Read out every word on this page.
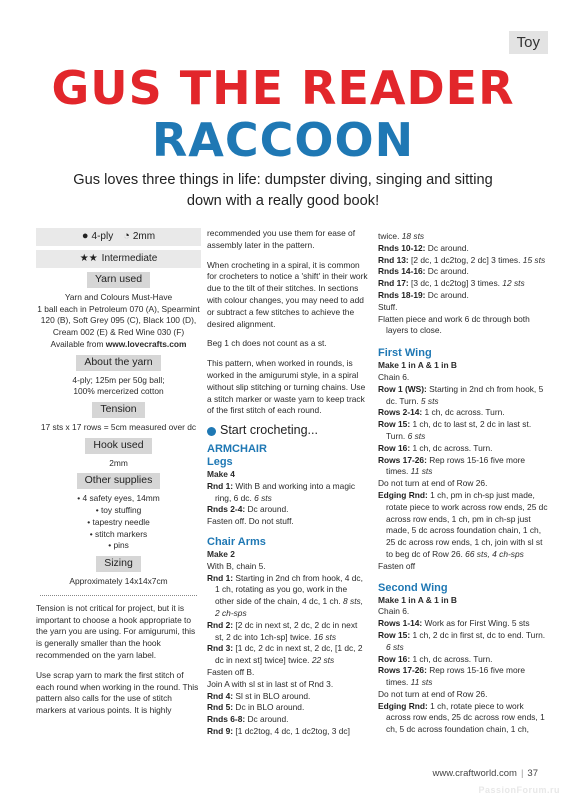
Toy
GUS THE READER
RACCOON
Gus loves three things in life: dumpster diving, singing and sitting down with a really good book!
● 4-ply ◔ 2mm
★★ Intermediate
Yarn used

Yarn and Colours Must-Have

1 ball each in Petroleum 070 (A), Spearmint

120 (B), Soft Grey 095 (C), Black 100 (D),

Cream 002 (E) & Red Wine 030 (F)

Available from www.lovecrafts.com

About the yarn

4-ply; 125m per 50g ball;

100% mercerized cotton

Tension

17 sts x 17 rows = 5cm measured over dc

Hook used

2mm

Other supplies

• 4 safety eyes, 14mm

• toy stuffing

• tapestry needle

• stitch markers

• pins

Sizing

Approximately 14x14x7cm

Tension is not critical for project, but it is important to choose a hook appropriate to the yarn you are using. For amigurumi, this is generally smaller than the hook recommended on the yarn label.

Use scrap yarn to mark the first stitch of each round when working in the round. This pattern also calls for the use of stitch markers at various points. It is highly

recommended you use them for ease of assembly later in the pattern.

When crocheting in a spiral, it is common for crocheters to notice a 'shift' in their work due to the tilt of their stitches. In sections with colour changes, you may need to add or subtract a few stitches to achieve the desired alignment.

Beg 1 ch does not count as a st.

This pattern, when worked in rounds, is worked in the amigurumi style, in a spiral without slip stitching or turning chains. Use a stitch marker or waste yarn to keep track of the first stitch of each round.

Start crocheting...
ARMCHAIR
Legs
Make 4

Rnd 1: With B and working into a magic ring, 6 dc. 6 sts

Rnds 2-4: Dc around.

Fasten off. Do not stuff.

Chair Arms
Make 2

With B, chain 5.

Rnd 1: Starting in 2nd ch from hook, 4 dc, 1 ch, rotating as you go, work in the other side of the chain, 4 dc, 1 ch. 8 sts, 2 ch-sps

Rnd 2: [2 dc in next st, 2 dc, 2 dc in next st, 2 dc into 1ch-sp] twice. 16 sts

Rnd 3: [1 dc, 2 dc in next st, 2 dc, [1 dc, 2 dc in next st] twice] twice. 22 sts

Fasten off B.

Join A with sl st in last st of Rnd 3.

Rnd 4: Sl st in BLO around.

Rnd 5: Dc in BLO around.

Rnds 6-8: Dc around.

Rnd 9: [1 dc2tog, 4 dc, 1 dc2tog, 3 dc]

twice. 18 sts

Rnds 10-12: Dc around.

Rnd 13: [2 dc, 1 dc2tog, 2 dc] 3 times. 15 sts

Rnds 14-16: Dc around.

Rnd 17: [3 dc, 1 dc2tog] 3 times. 12 sts

Rnds 18-19: Dc around.

Stuff.

Flatten piece and work 6 dc through both layers to close.

First Wing
Make 1 in A & 1 in B

Chain 6.

Row 1 (WS): Starting in 2nd ch from hook, 5 dc. Turn. 5 sts

Rows 2-14: 1 ch, dc across. Turn.

Row 15: 1 ch, dc to last st, 2 dc in last st. Turn. 6 sts

Row 16: 1 ch, dc across. Turn.

Rows 17-26: Rep rows 15-16 five more times. 11 sts

Do not turn at end of Row 26.

Edging Rnd: 1 ch, pm in ch-sp just made, rotate piece to work across row ends, 25 dc across row ends, 1 ch, pm in ch-sp just made, 5 dc across foundation chain, 1 ch, 25 dc across row ends, 1 ch, join with sl st to beg dc of Row 26. 66 sts, 4 ch-sps

Fasten off

Second Wing
Make 1 in A & 1 in B

Chain 6.

Rows 1-14: Work as for First Wing. 5 sts

Row 15: 1 ch, 2 dc in first st, dc to end. Turn. 6 sts

Row 16: 1 ch, dc across. Turn.

Rows 17-26: Rep rows 15-16 five more times. 11 sts

Do not turn at end of Row 26.

Edging Rnd: 1 ch, rotate piece to work across row ends, 25 dc across row ends, 1 ch, 5 dc across foundation chain, 1 ch,

www.craftworld.com | 37
PassionForum.ru
